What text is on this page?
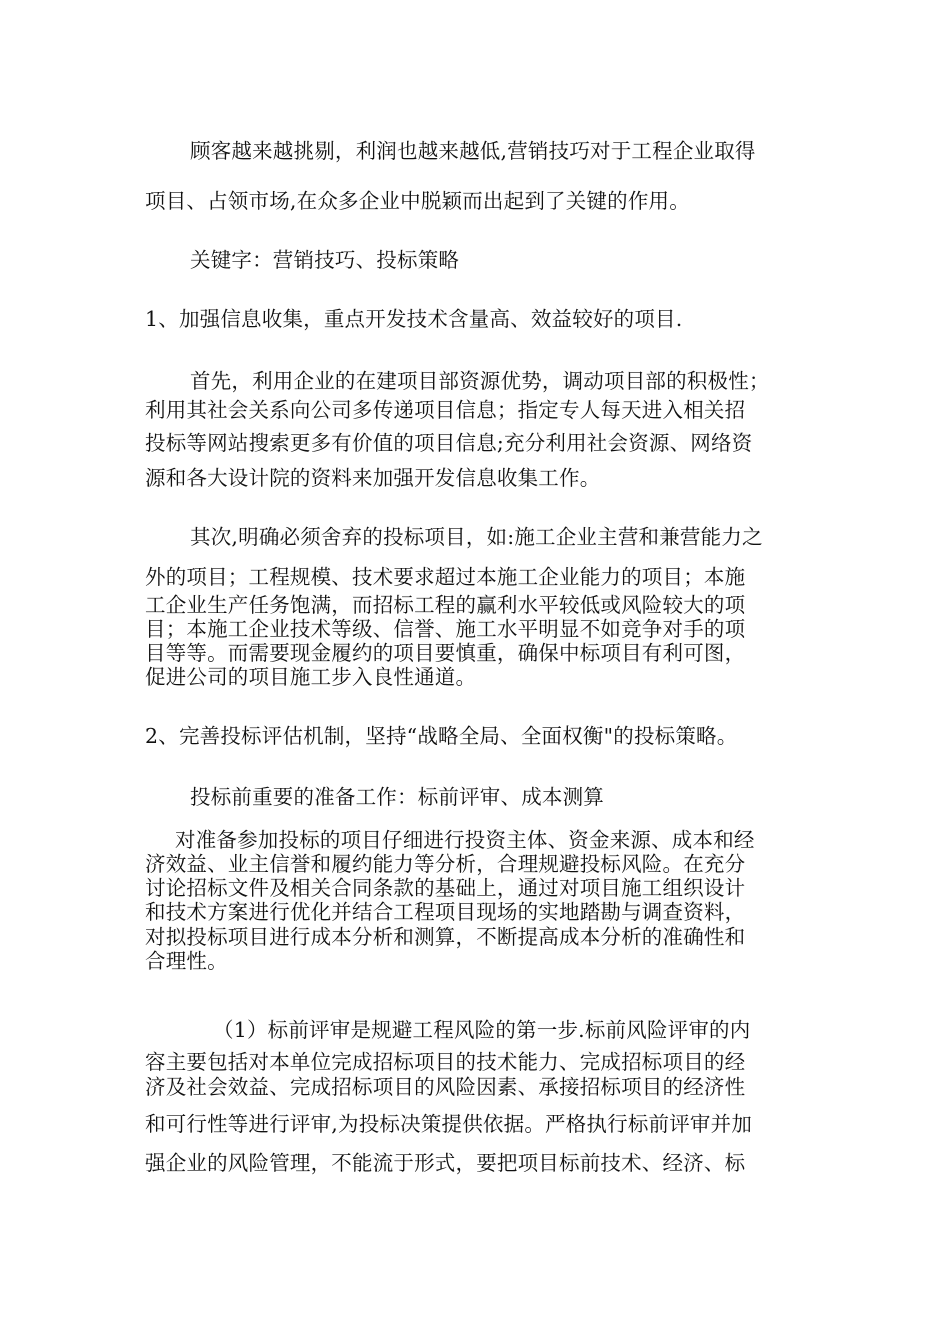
顾客越来越挑剔，利润也越来越低,营销技巧对于工程企业取得
项目、占领市场,在众多企业中脱颖而出起到了关键的作用。
关键字：营销技巧、投标策略
1、加强信息收集，重点开发技术含量高、效益较好的项目.
首先，利用企业的在建项目部资源优势，调动项目部的积极性；
利用其社会关系向公司多传递项目信息；指定专人每天进入相关招
投标等网站搜索更多有价值的项目信息;充分利用社会资源、网络资
源和各大设计院的资料来加强开发信息收集工作。
其次,明确必须舍弃的投标项目，如:施工企业主营和兼营能力之
外的项目；工程规模、技术要求超过本施工企业能力的项目；本施
工企业生产任务饱满，而招标工程的赢利水平较低或风险较大的项
目；本施工企业技术等级、信誉、施工水平明显不如竞争对手的项
目等等。而需要现金履约的项目要慎重，确保中标项目有利可图，
促进公司的项目施工步入良性通道。
2、完善投标评估机制，坚持“战略全局、全面权衡"的投标策略。
投标前重要的准备工作：标前评审、成本测算
对准备参加投标的项目仔细进行投资主体、资金来源、成本和经
济效益、业主信誉和履约能力等分析，合理规避投标风险。在充分
讨论招标文件及相关合同条款的基础上，通过对项目施工组织设计
和技术方案进行优化并结合工程项目现场的实地踏勘与调查资料，
对拟投标项目进行成本分析和测算，不断提高成本分析的准确性和
合理性。
（1）标前评审是规避工程风险的第一步.标前风险评审的内
容主要包括对本单位完成招标项目的技术能力、完成招标项目的经
济及社会效益、完成招标项目的风险因素、承接招标项目的经济性
和可行性等进行评审,为投标决策提供依据。严格执行标前评审并加
强企业的风险管理，不能流于形式，要把项目标前技术、经济、标
